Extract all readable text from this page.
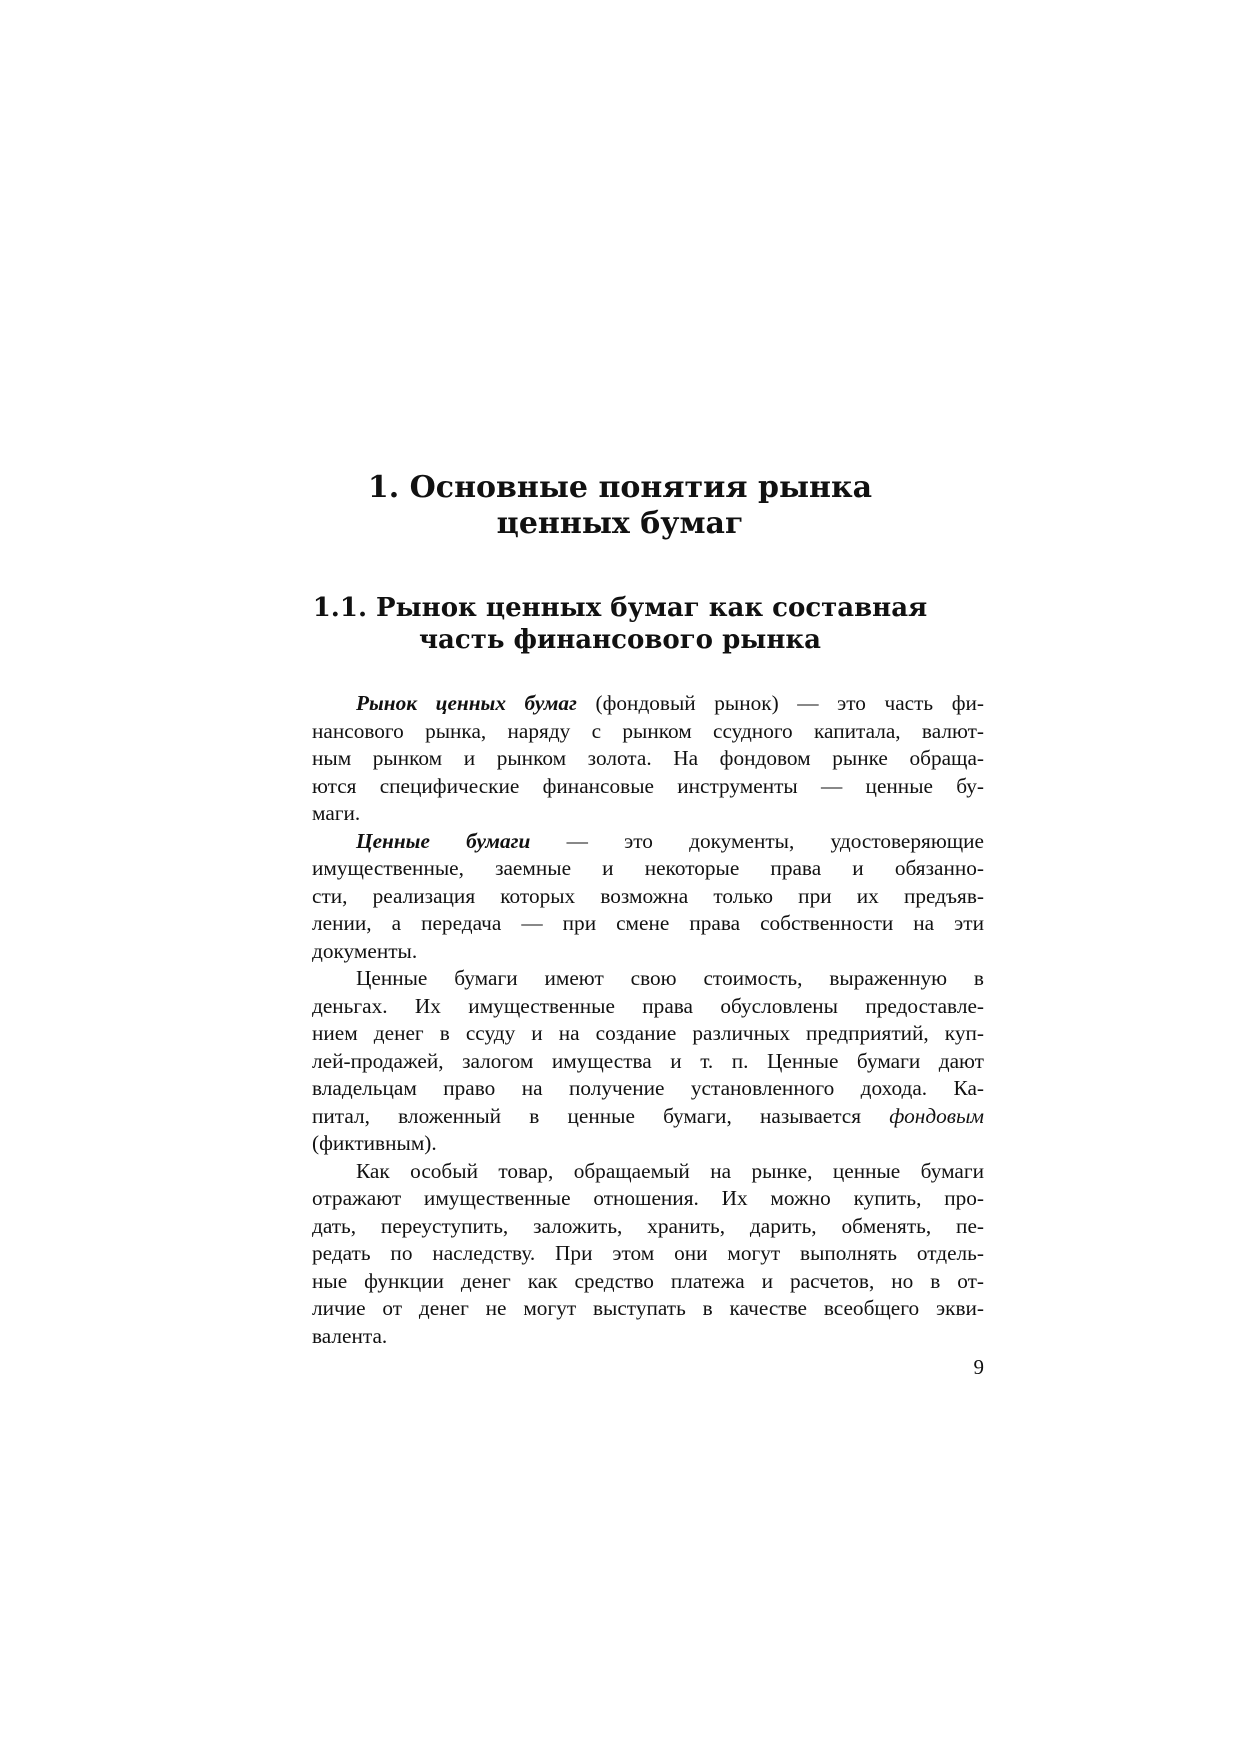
1. Основные понятия рынка
ценных бумаг
1.1. Рынок ценных бумаг как составная
часть финансового рынка
Рынок ценных бумаг (фондовый рынок) — это часть фи-
нансового рынка, наряду с рынком ссудного капитала, валют-
ным рынком и рынком золота. На фондовом рынке обраща-
ются специфические финансовые инструменты — ценные бу-
маги.
Ценные бумаги — это документы, удостоверяющие
имущественные, заемные и некоторые права и обязанно-
сти, реализация которых возможна только при их предъяв-
лении, а передача — при смене права собственности на эти
документы.
Ценные бумаги имеют свою стоимость, выраженную в
деньгах. Их имущественные права обусловлены предоставле-
нием денег в ссуду и на создание различных предприятий, куп-
лей-продажей, залогом имущества и т. п. Ценные бумаги дают
владельцам право на получение установленного дохода. Ка-
питал, вложенный в ценные бумаги, называется фондовым
(фиктивным).
Как особый товар, обращаемый на рынке, ценные бумаги
отражают имущественные отношения. Их можно купить, про-
дать, переуступить, заложить, хранить, дарить, обменять, пе-
редать по наследству. При этом они могут выполнять отдель-
ные функции денег как средство платежа и расчетов, но в от-
личие от денег не могут выступать в качестве всеобщего экви-
валента.
9
